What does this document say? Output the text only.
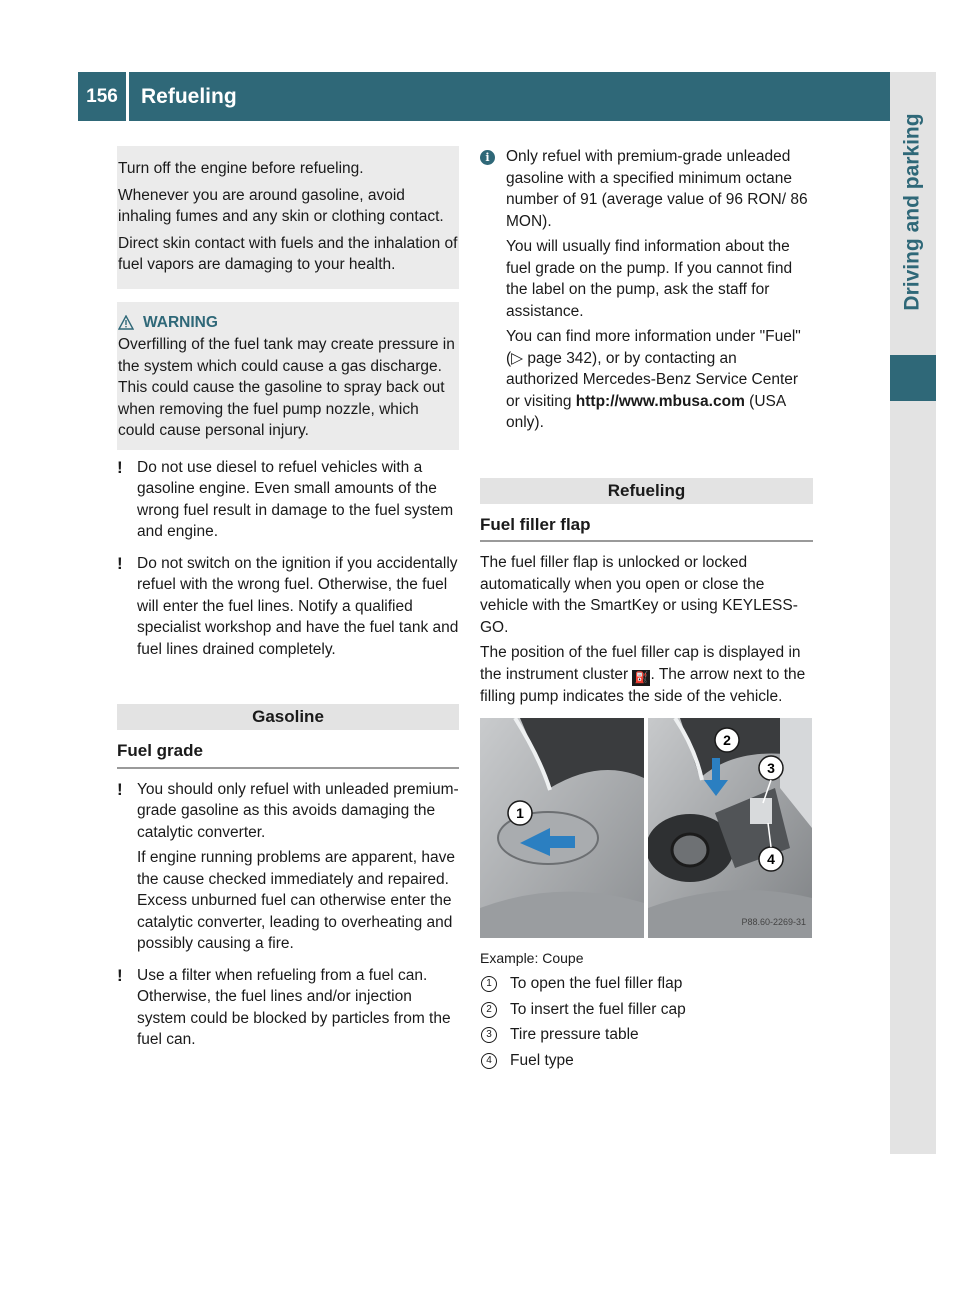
156	Refueling
Driving and parking

Turn off the engine before refueling.

Whenever you are around gasoline, avoid inhaling fumes and any skin or clothing contact.

Direct skin contact with fuels and the inhalation of fuel vapors are damaging to your health.

WARNING

Overfilling of the fuel tank may create pressure in the system which could cause a gas discharge. This could cause the gasoline to spray back out when removing the fuel pump nozzle, which could cause personal injury.

! Do not use diesel to refuel vehicles with a gasoline engine. Even small amounts of the wrong fuel result in damage to the fuel system and engine.

! Do not switch on the ignition if you accidentally refuel with the wrong fuel. Otherwise, the fuel will enter the fuel lines. Notify a qualified specialist workshop and have the fuel tank and fuel lines drained completely.

Gasoline
Fuel grade
! You should only refuel with unleaded premium-grade gasoline as this avoids damaging the catalytic converter.

If engine running problems are apparent, have the cause checked immediately and repaired. Excess unburned fuel can otherwise enter the catalytic converter, leading to overheating and possibly causing a fire.

! Use a filter when refueling from a fuel can. Otherwise, the fuel lines and/or injection system could be blocked by particles from the fuel can.

i	Only refuel with premium-grade unleaded gasoline with a specified minimum octane number of 91 (average value of 96 RON/ 86 MON).

You will usually find information about the fuel grade on the pump. If you cannot find the label on the pump, ask the staff for assistance.

You can find more information under "Fuel" (▷ page 342), or by contacting an authorized Mercedes-Benz Service Center or visiting http://www.mbusa.com (USA only).

Refueling
Fuel filler flap

The fuel filler flap is unlocked or locked automatically when you open or close the vehicle with the SmartKey or using KEYLESS-GO.

The position of the fuel filler cap is displayed in the instrument cluster ⛽ . The arrow next to the filling pump indicates the side of the vehicle.

1
2
3
4
P88.60-2269-31
Example: Coupe
1	To open the fuel filler flap
2	To insert the fuel filler cap
3	Tire pressure table
4	Fuel type
